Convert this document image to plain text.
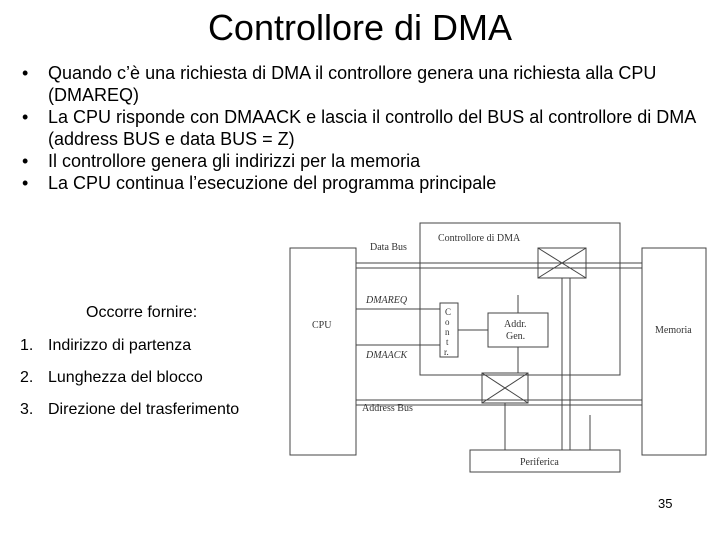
Controllore di DMA
• Quando c’è una richiesta di DMA il controllore genera una richiesta alla CPU (DMAREQ)
• La CPU risponde con DMAACK e lascia il controllo del BUS al controllore di DMA (address BUS e data BUS = Z)
• Il controllore genera gli indirizzi per la memoria
• La CPU continua l’esecuzione del programma principale
Occorre fornire:
1. Indirizzo di partenza
2. Lunghezza del blocco
3. Direzione del trasferimento
Data Bus
Controllore di DMA
DMAREQ
DMAACK
CPU
C
o
n
t
r.
Addr.
Gen.
Memoria
Address Bus
Periferica
35
